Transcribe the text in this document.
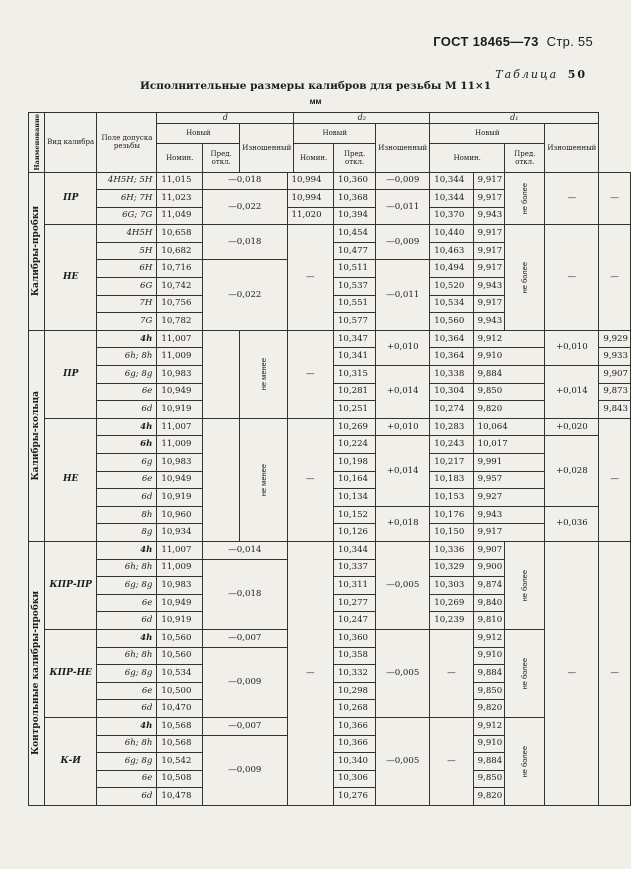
ГОСТ 18465—73 Стр. 55
Таблица 50
Исполнительные размеры калибров для резьбы М 11×1
мм
Наименование	Вид калибра	Поле допуска резьбы	d				d₂			d₁				
			Новый		Изношенный		Новый		Изношенный	Новый			Изношенный	
			Номин.	Пред. откл.			Номин.	Пред. откл.		Номин.		Пред. откл.		

Калибры-пробки	ПР	4H5H; 5H	11,015	—0,018		10,994		10,360	—0,009	10,344	9,917	не более	—	—
		6H; 7H	11,023	—0,022		10,994		10,368	—0,011	10,344	9,917			
		6G; 7G	11,049			11,020		10,394		10,370	9,943			
	НЕ	4H5H	10,658	—0,018		—		10,454	—0,009	10,440	9,917	не более	—	—
		5H	10,682					10,477		10,463	9,917			
		6H	10,716	—0,022				10,511	—0,011	10,494	9,917			
		6G	10,742					10,537		10,520	9,943			
		7H	10,756					10,551		10,534	9,917			
		7G	10,782					10,577		10,560	9,943			

Калибры-кольца	ПР	4h	11,007		не менее	—		10,347	+0,010	10,364	9,912		+0,010	9,929
		6h; 8h	11,009					10,341		10,364	9,910			9,933
		6g; 8g	10,983					10,315	+0,014	10,338	9,884		+0,014	9,907
		6e	10,949					10,281		10,304	9,850			9,873
		6d	10,919					10,251		10,274	9,820			9,843
	НЕ	4h	11,007		не менее	—		10,269	+0,010	10,283	10,064		+0,020	—
		6h	11,009					10,224	+0,014	10,243	10,017		+0,028	
		6g	10,983					10,198		10,217	9,991			
		6e	10,949					10,164		10,183	9,957			
		6d	10,919					10,134		10,153	9,927			
		8h	10,960					10,152	+0,018	10,176	9,943		+0,036	
		8g	10,934					10,126		10,150	9,917			

Контрольные калибры-пробки	КПР-ПР	4h	11,007	—0,014		—		10,344	—0,005	10,336	9,907	не более	—	—
		6h; 8h	11,009	—0,018				10,337		10,329	9,900			
		6g; 8g	10,983					10,311		10,303	9,874			
		6e	10,949					10,277		10,269	9,840			
		6d	10,919					10,247		10,239	9,810			
	КПР-НЕ	4h	10,560	—0,007				10,360	—0,005	—	9,912	не более		

		6h; 8h	10,560	—0,009				10,358			9,910			
		6g; 8g	10,534					10,332			9,884			
		6e	10,500					10,298			9,850			
		6d	10,470					10,268			9,820			
	К-И	4h	10,568	—0,007				10,366	—0,005	—	9,912	не более		

		6h; 8h	10,568	—0,009				10,366			9,910			
		6g; 8g	10,542					10,340			9,884			
		6e	10,508					10,306			9,850			
		6d	10,478					10,276			9,820			
